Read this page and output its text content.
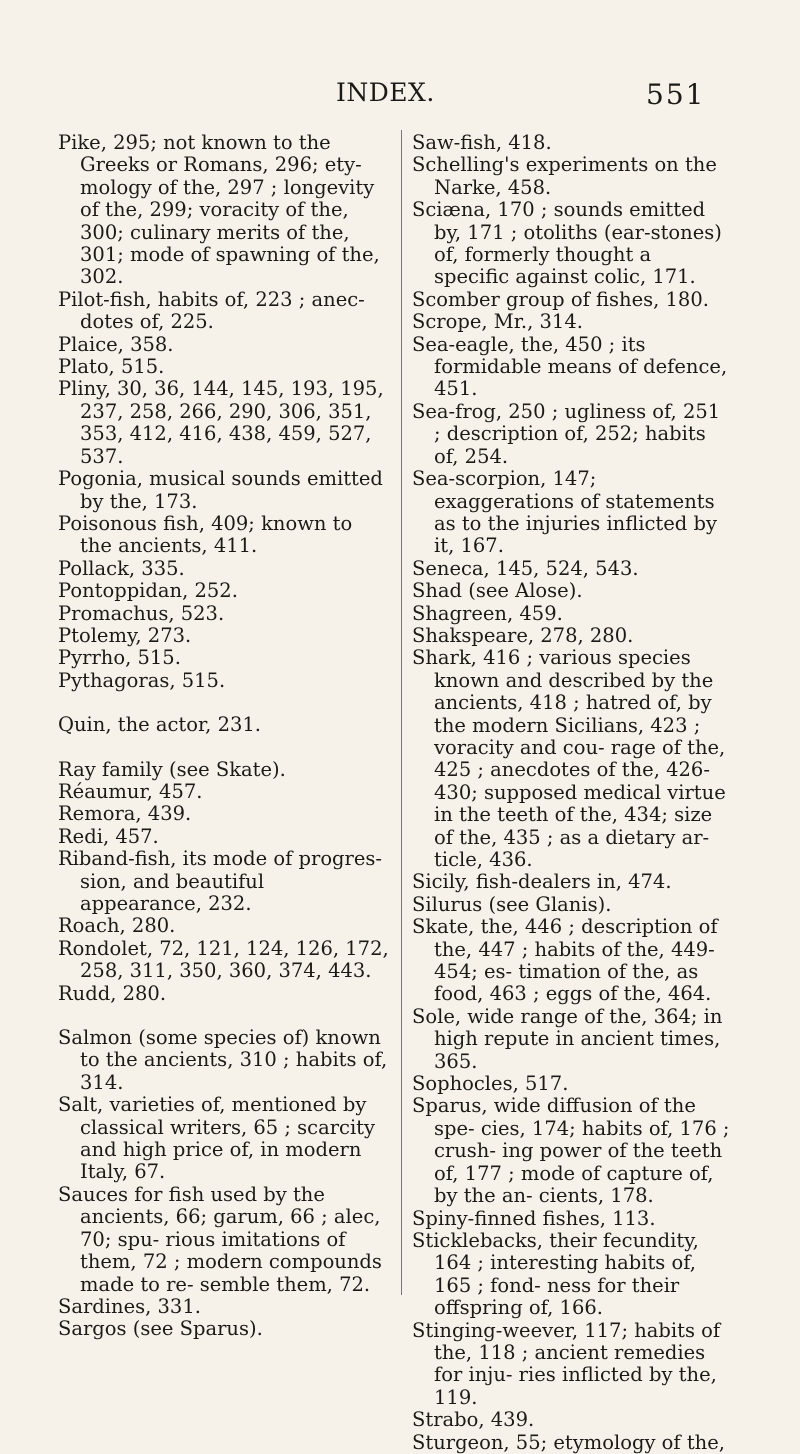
INDEX.	551

Pike, 295; not known to the Greeks or Romans, 296; ety- mology of the, 297 ; longevity of the, 299; voracity of the, 300; culinary merits of the, 301; mode of spawning of the, 302.

Pilot-fish, habits of, 223 ; anec- dotes of, 225.

Plaice, 358.

Plato, 515.

Pliny, 30, 36, 144, 145, 193, 195, 237, 258, 266, 290, 306, 351, 353, 412, 416, 438, 459, 527, 537.

Pogonia, musical sounds emitted by the, 173.

Poisonous fish, 409; known to the ancients, 411.

Pollack, 335.

Pontoppidan, 252.

Promachus, 523.

Ptolemy, 273.

Pyrrho, 515.

Pythagoras, 515.

Quin, the actor, 231.

Ray family (see Skate).

Réaumur, 457.

Remora, 439.

Redi, 457.

Riband-fish, its mode of progres- sion, and beautiful appearance, 232.

Roach, 280.

Rondolet, 72, 121, 124, 126, 172, 258, 311, 350, 360, 374, 443.

Rudd, 280.

Salmon (some species of) known to the ancients, 310 ; habits of, 314.

Salt, varieties of, mentioned by classical writers, 65 ; scarcity and high price of, in modern Italy, 67.

Sauces for fish used by the ancients, 66; garum, 66 ; alec, 70; spu- rious imitations of them, 72 ; modern compounds made to re- semble them, 72.

Sardines, 331.

Sargos (see Sparus).

Saw-fish, 418.

Schelling's experiments on the Narke, 458.

Sciæna, 170 ; sounds emitted by, 171 ; otoliths (ear-stones) of, formerly thought a specific against colic, 171.

Scomber group of fishes, 180.

Scrope, Mr., 314.

Sea-eagle, the, 450 ; its formidable means of defence, 451.

Sea-frog, 250 ; ugliness of, 251 ; description of, 252; habits of, 254.

Sea-scorpion, 147; exaggerations of statements as to the injuries inflicted by it, 167.

Seneca, 145, 524, 543.

Shad (see Alose).

Shagreen, 459.

Shakspeare, 278, 280.

Shark, 416 ; various species known and described by the ancients, 418 ; hatred of, by the modern Sicilians, 423 ; voracity and cou- rage of the, 425 ; anecdotes of the, 426-430; supposed medical virtue in the teeth of the, 434; size of the, 435 ; as a dietary ar- ticle, 436.

Sicily, fish-dealers in, 474.

Silurus (see Glanis).

Skate, the, 446 ; description of the, 447 ; habits of the, 449-454; es- timation of the, as food, 463 ; eggs of the, 464.

Sole, wide range of the, 364; in high repute in ancient times, 365.

Sophocles, 517.

Sparus, wide diffusion of the spe- cies, 174; habits of, 176 ; crush- ing power of the teeth of, 177 ; mode of capture of, by the an- cients, 178.

Spiny-finned fishes, 113.

Sticklebacks, their fecundity, 164 ; interesting habits of, 165 ; fond- ness for their offspring of, 166.

Stinging-weever, 117; habits of the, 118 ; ancient remedies for inju- ries inflicted by the, 119.

Strabo, 439.

Sturgeon, 55; etymology of the,
